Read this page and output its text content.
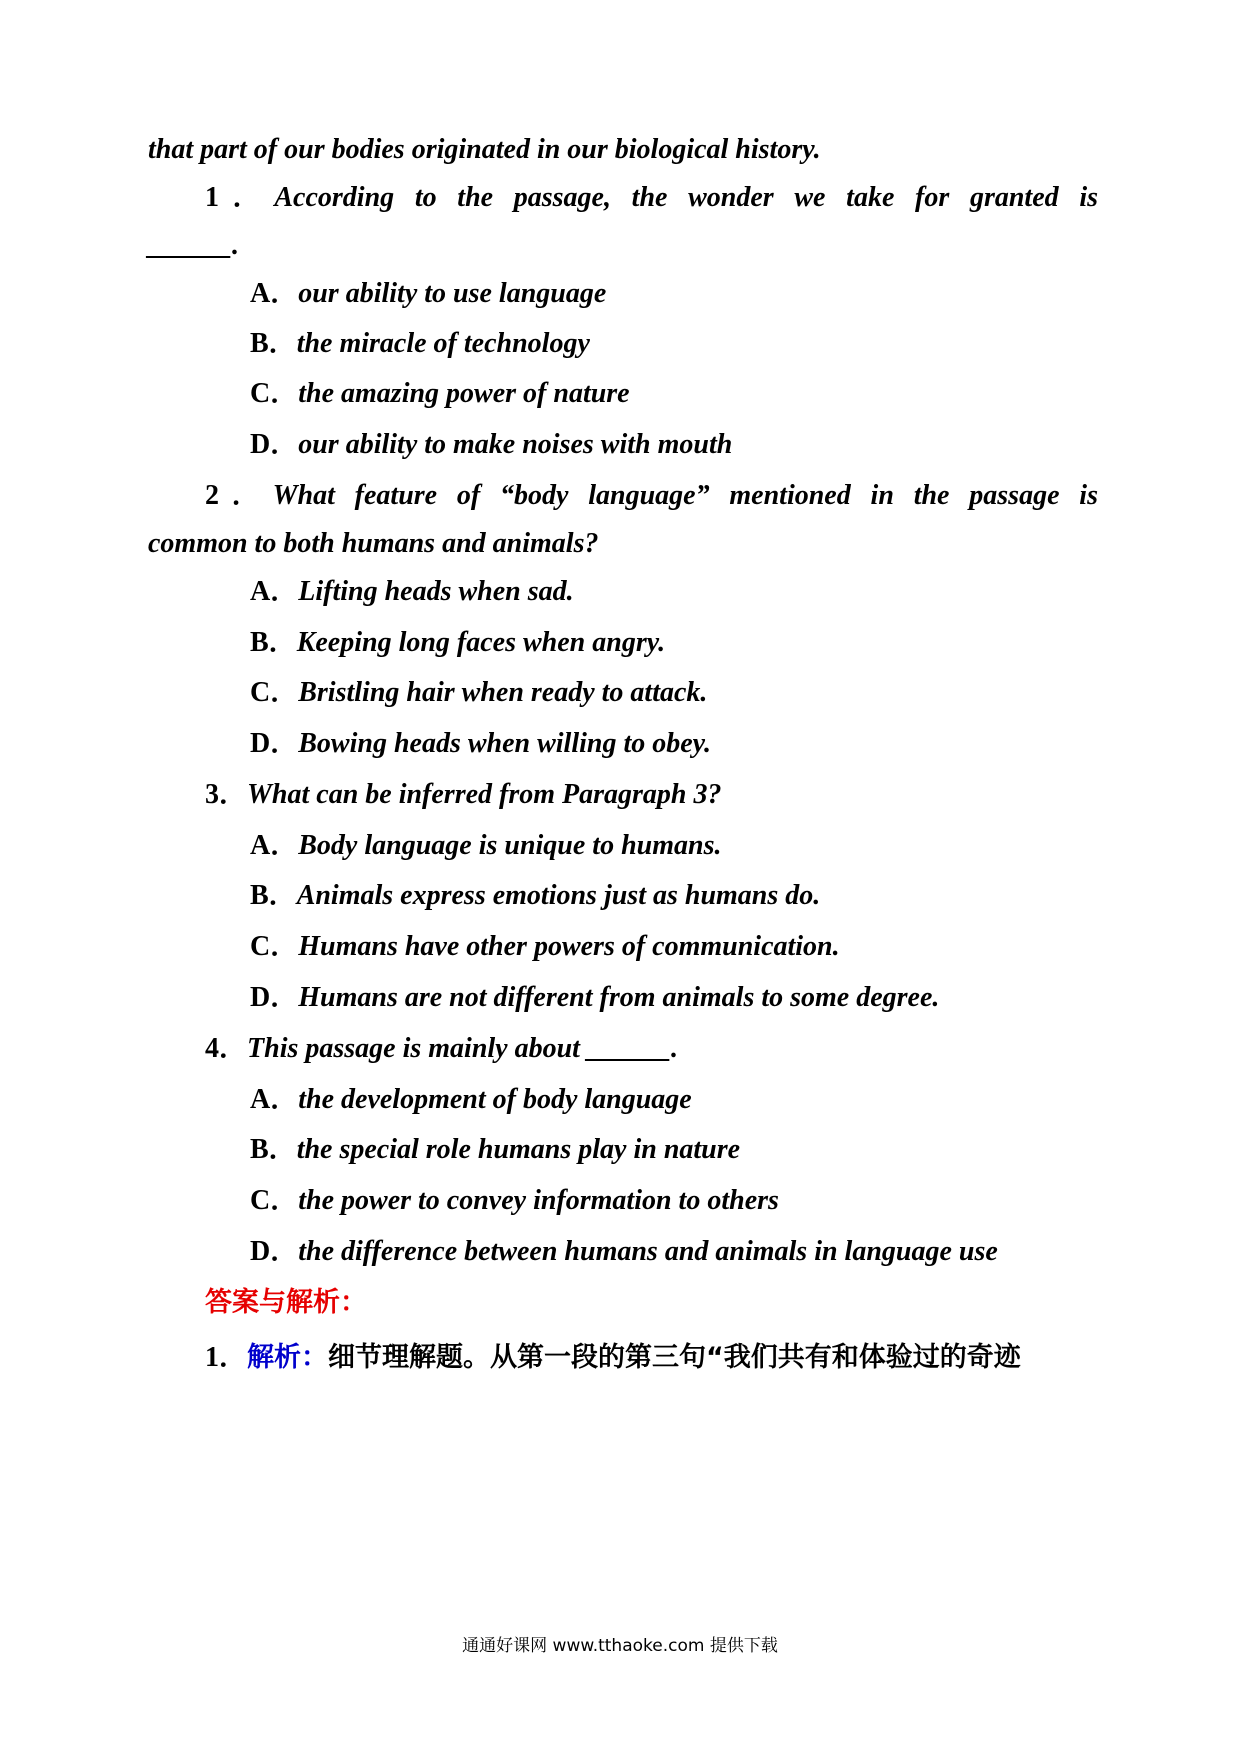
that part of our bodies originated in our biological history.
1．According to the passage, the wonder we take for granted is
______.
A．our ability to use language
B．the miracle of technology
C．the amazing power of nature
D．our ability to make noises with mouth
2．What feature of “body language” mentioned in the passage is
common to both humans and animals?
A．Lifting heads when sad.
B．Keeping long faces when angry.
C．Bristling hair when ready to attack.
D．Bowing heads when willing to obey.
3．What can be inferred from Paragraph 3?
A．Body language is unique to humans.
B．Animals express emotions just as humans do.
C．Humans have other powers of communication.
D．Humans are not different from animals to some degree.
4．This passage is mainly about ______.
A．the development of body language
B．the special role humans play in nature
C．the power to convey information to others
D．the difference between humans and animals in language use
答案与解析：
1．解析：细节理解题。从第一段的第三句“我们共有和体验过的奇迹
通通好课网 www.tthaoke.com 提供下载
